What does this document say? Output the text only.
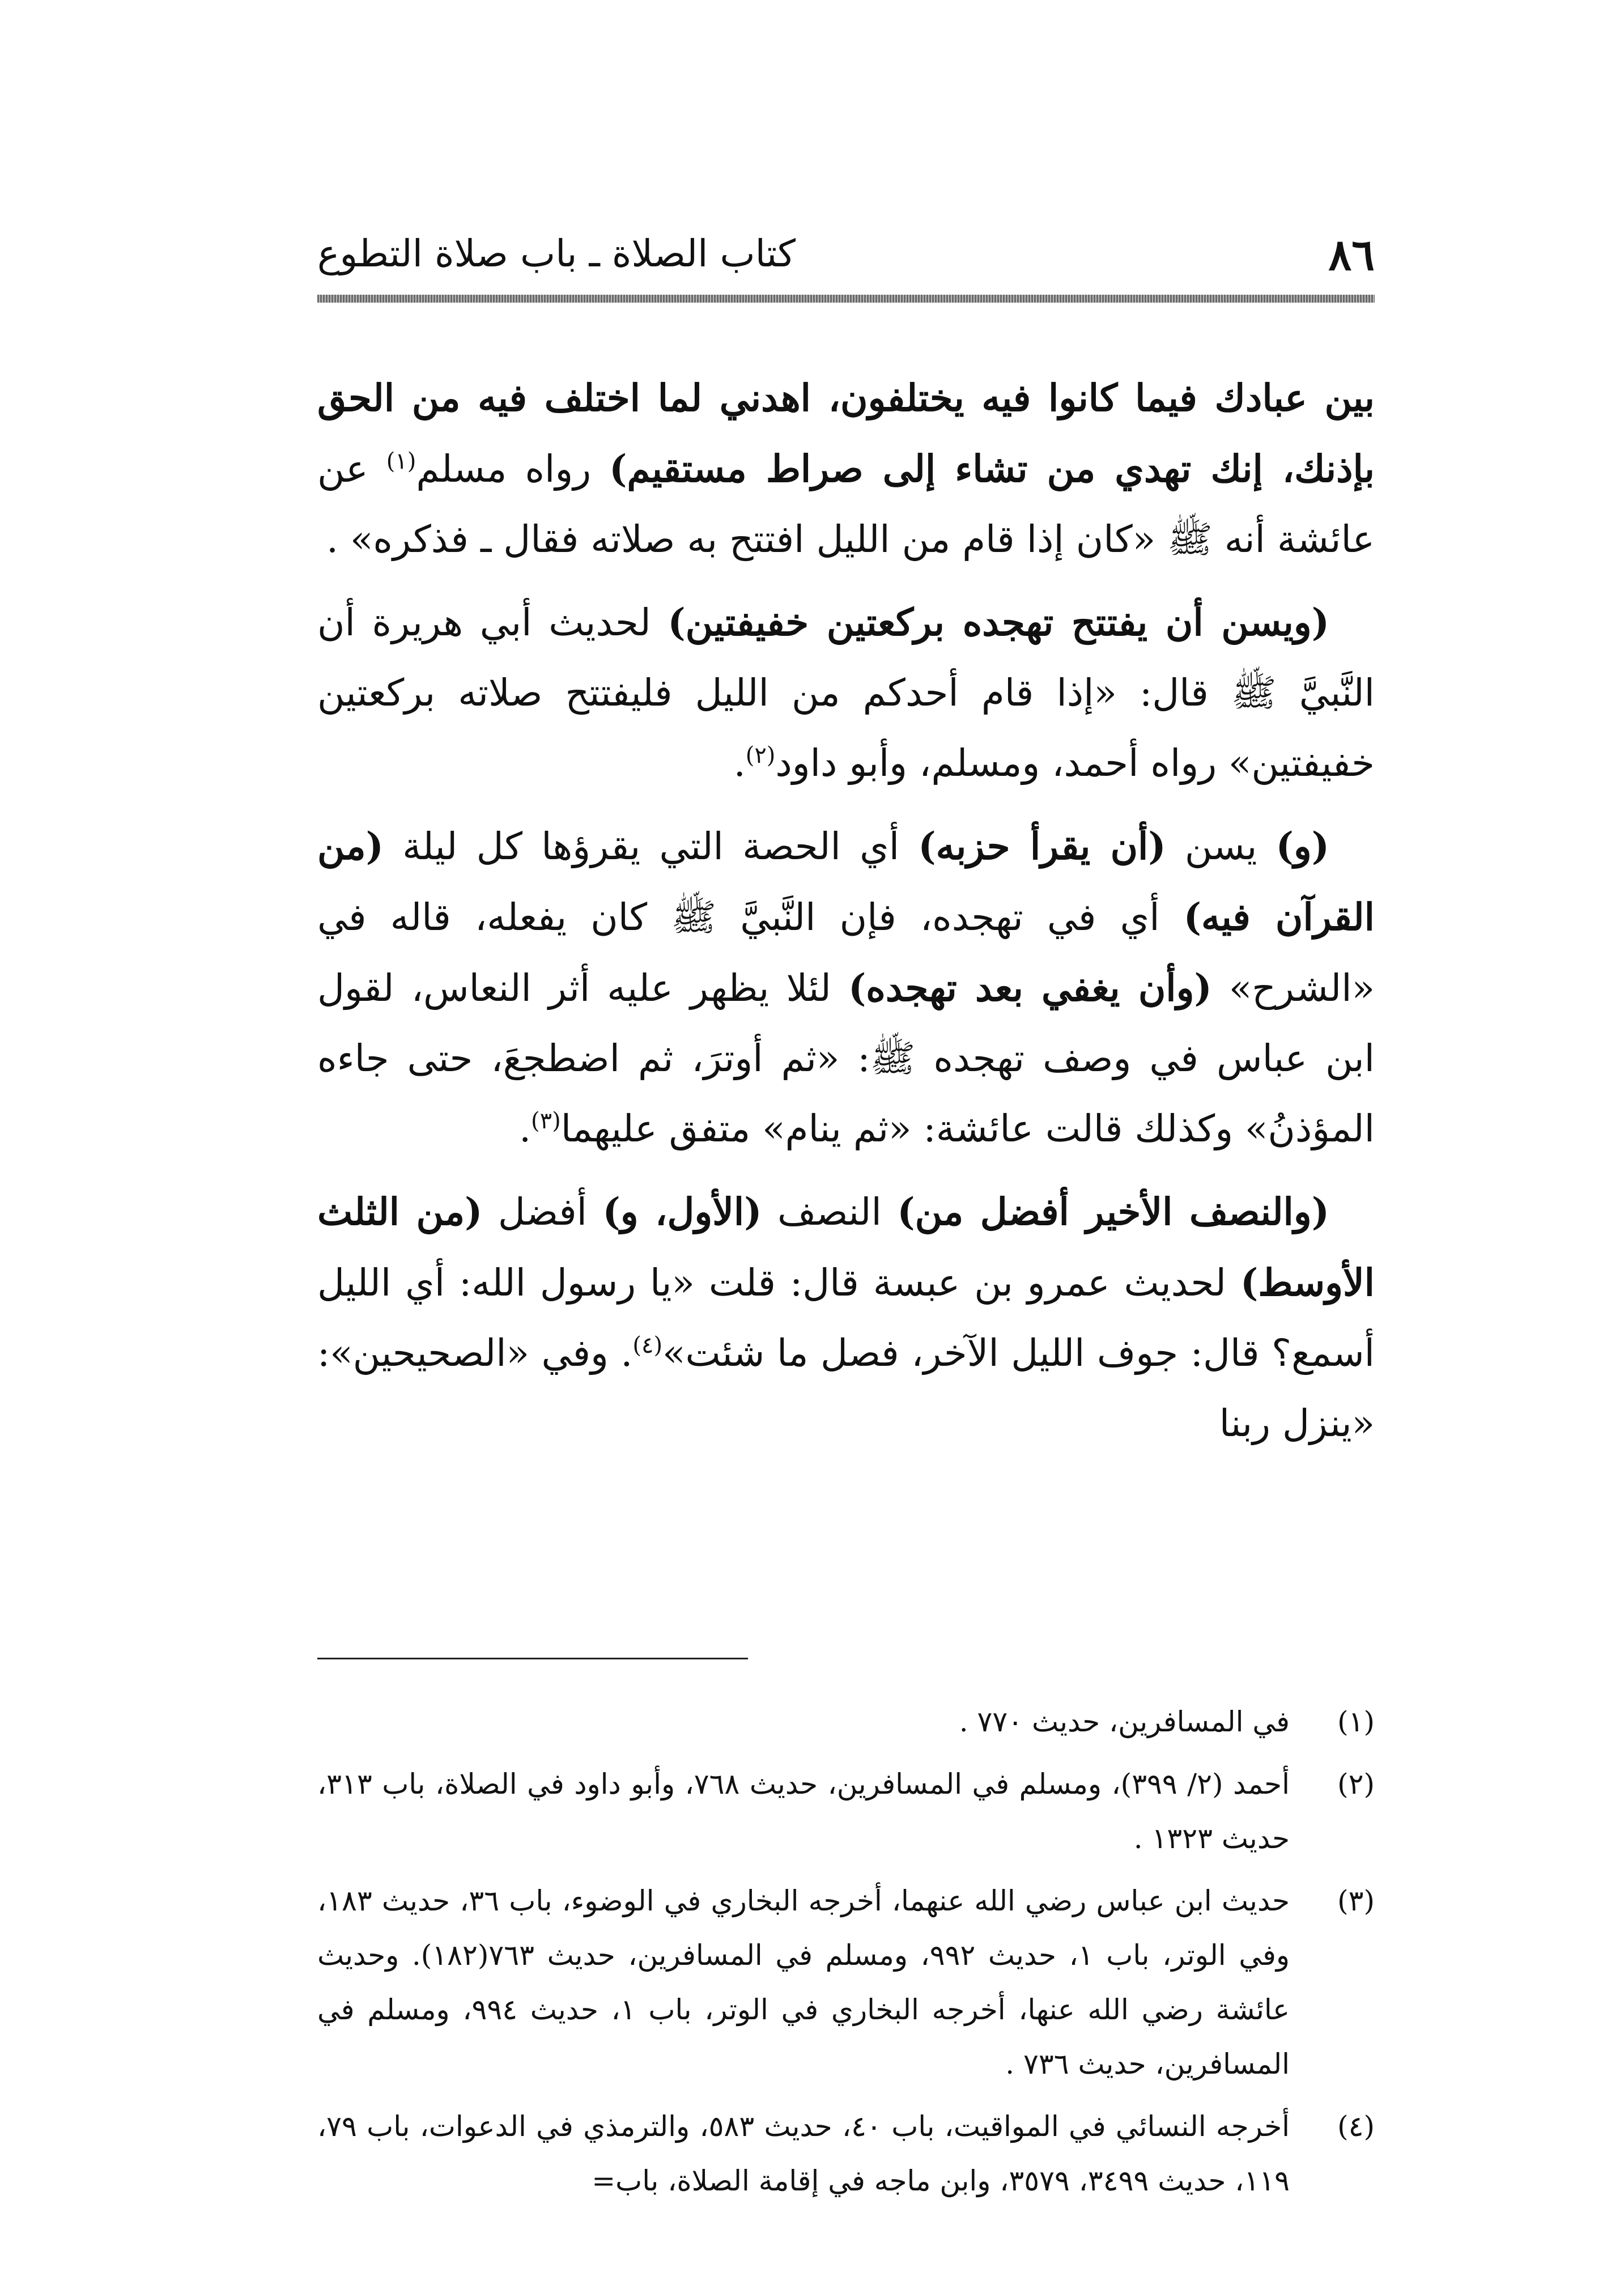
٨٦
كتاب الصلاة ـ باب صلاة التطوع

بين عبادك فيما كانوا فيه يختلفون، اهدني لما اختلف فيه من الحق بإذنك، إنك تهدي من تشاء إلى صراط مستقيم) رواه مسلم$^{(١)}$ عن عائشة أنه ﷺ «كان إذا قام من الليل افتتح به صلاته فقال ـ فذكره» .

(ويسن أن يفتتح تهجده بركعتين خفيفتين) لحديث أبي هريرة أن النَّبيَّ ﷺ قال: «إذا قام أحدكم من الليل فليفتتح صلاته بركعتين خفيفتين» رواه أحمد، ومسلم، وأبو داود$^{(٢)}$.

(و) يسن (أن يقرأ حزبه) أي الحصة التي يقرؤها كل ليلة (من القرآن فيه) أي في تهجده، فإن النَّبيَّ ﷺ كان يفعله، قاله في «الشرح» (وأن يغفي بعد تهجده) لئلا يظهر عليه أثر النعاس، لقول ابن عباس في وصف تهجده ﷺ: «ثم أوترَ، ثم اضطجعَ، حتى جاءه المؤذنُ» وكذلك قالت عائشة: «ثم ينام» متفق عليهما$^{(٣)}$.

(والنصف الأخير أفضل من) النصف (الأول، و) أفضل (من الثلث الأوسط) لحديث عمرو بن عبسة قال: قلت «يا رسول الله: أي الليل أسمع؟ قال: جوف الليل الآخر، فصل ما شئت»$^{(٤)}$. وفي «الصحيحين»: «ينزل ربنا

(١)
في المسافرين، حديث ٧٧٠ .
(٢)
أحمد (٢/ ٣٩٩)، ومسلم في المسافرين، حديث ٧٦٨، وأبو داود في الصلاة، باب ٣١٣، حديث ١٣٢٣ .
(٣)
حديث ابن عباس رضي الله عنهما، أخرجه البخاري في الوضوء، باب ٣٦، حديث ١٨٣، وفي الوتر، باب ١، حديث ٩٩٢، ومسلم في المسافرين، حديث ٧٦٣(١٨٢). وحديث عائشة رضي الله عنها، أخرجه البخاري في الوتر، باب ١، حديث ٩٩٤، ومسلم في المسافرين، حديث ٧٣٦ .
(٤)
أخرجه النسائي في المواقيت، باب ٤٠، حديث ٥٨٣، والترمذي في الدعوات، باب ٧٩، ١١٩، حديث ٣٤٩٩، ٣٥٧٩، وابن ماجه في إقامة الصلاة، باب=
